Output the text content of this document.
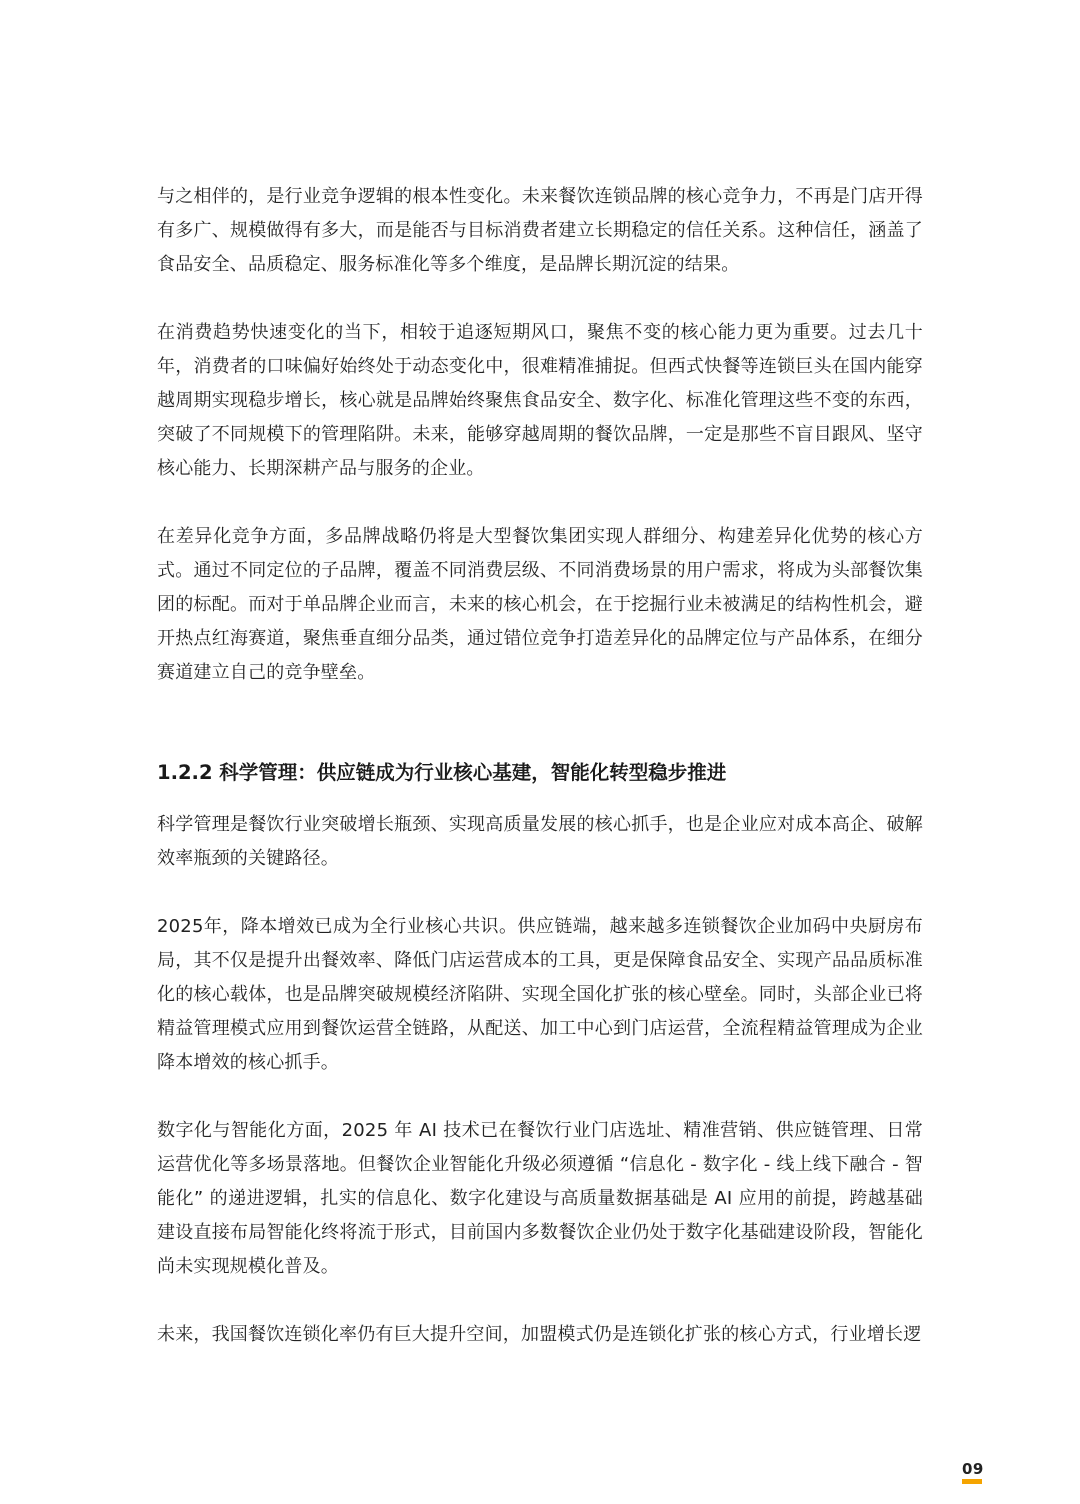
与之相伴的，是行业竞争逻辑的根本性变化。未来餐饮连锁品牌的核心竞争力，不再是门店开得有多广、规模做得有多大，而是能否与目标消费者建立长期稳定的信任关系。这种信任，涵盖了食品安全、品质稳定、服务标准化等多个维度，是品牌长期沉淀的结果。

在消费趋势快速变化的当下，相较于追逐短期风口，聚焦不变的核心能力更为重要。过去几十年，消费者的口味偏好始终处于动态变化中，很难精准捕捉。但西式快餐等连锁巨头在国内能穿越周期实现稳步增长，核心就是品牌始终聚焦食品安全、数字化、标准化管理这些不变的东西，突破了不同规模下的管理陷阱。未来，能够穿越周期的餐饮品牌，一定是那些不盲目跟风、坚守核心能力、长期深耕产品与服务的企业。

在差异化竞争方面，多品牌战略仍将是大型餐饮集团实现人群细分、构建差异化优势的核心方式。通过不同定位的子品牌，覆盖不同消费层级、不同消费场景的用户需求，将成为头部餐饮集团的标配。而对于单品牌企业而言，未来的核心机会，在于挖掘行业未被满足的结构性机会，避开热点红海赛道，聚焦垂直细分品类，通过错位竞争打造差异化的品牌定位与产品体系，在细分赛道建立自己的竞争壁垒。

1.2.2 科学管理：供应链成为行业核心基建，智能化转型稳步推进

科学管理是餐饮行业突破增长瓶颈、实现高质量发展的核心抓手，也是企业应对成本高企、破解效率瓶颈的关键路径。

2025年，降本增效已成为全行业核心共识。供应链端，越来越多连锁餐饮企业加码中央厨房布局，其不仅是提升出餐效率、降低门店运营成本的工具，更是保障食品安全、实现产品品质标准化的核心载体，也是品牌突破规模经济陷阱、实现全国化扩张的核心壁垒。同时，头部企业已将精益管理模式应用到餐饮运营全链路，从配送、加工中心到门店运营，全流程精益管理成为企业降本增效的核心抓手。

数字化与智能化方面，2025 年 AI 技术已在餐饮行业门店选址、精准营销、供应链管理、日常运营优化等多场景落地。但餐饮企业智能化升级必须遵循 “信息化 - 数字化 - 线上线下融合 - 智能化” 的递进逻辑，扎实的信息化、数字化建设与高质量数据基础是 AI 应用的前提，跨越基础建设直接布局智能化终将流于形式，目前国内多数餐饮企业仍处于数字化基础建设阶段，智能化尚未实现规模化普及。

未来，我国餐饮连锁化率仍有巨大提升空间，加盟模式仍是连锁化扩张的核心方式，行业增长逻

09
